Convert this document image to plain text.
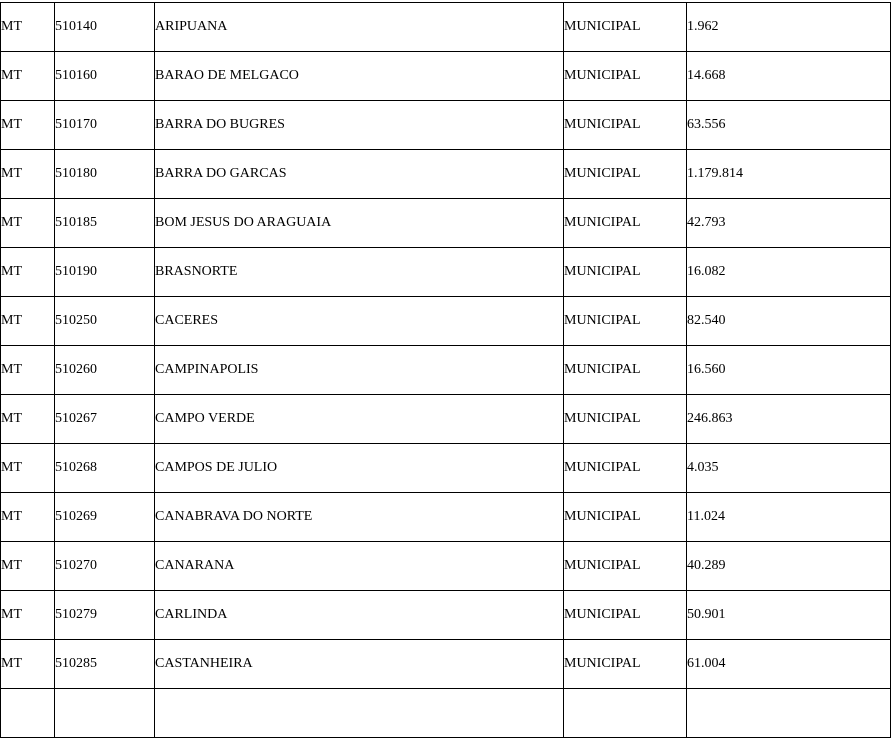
MT	510140	ARIPUANA	MUNICIPAL	1.962
MT	510160	BARAO DE MELGACO	MUNICIPAL	14.668
MT	510170	BARRA DO BUGRES	MUNICIPAL	63.556
MT	510180	BARRA DO GARCAS	MUNICIPAL	1.179.814
MT	510185	BOM JESUS DO ARAGUAIA	MUNICIPAL	42.793
MT	510190	BRASNORTE	MUNICIPAL	16.082
MT	510250	CACERES	MUNICIPAL	82.540
MT	510260	CAMPINAPOLIS	MUNICIPAL	16.560
MT	510267	CAMPO VERDE	MUNICIPAL	246.863
MT	510268	CAMPOS DE JULIO	MUNICIPAL	4.035
MT	510269	CANABRAVA DO NORTE	MUNICIPAL	11.024
MT	510270	CANARANA	MUNICIPAL	40.289
MT	510279	CARLINDA	MUNICIPAL	50.901
MT	510285	CASTANHEIRA	MUNICIPAL	61.004
